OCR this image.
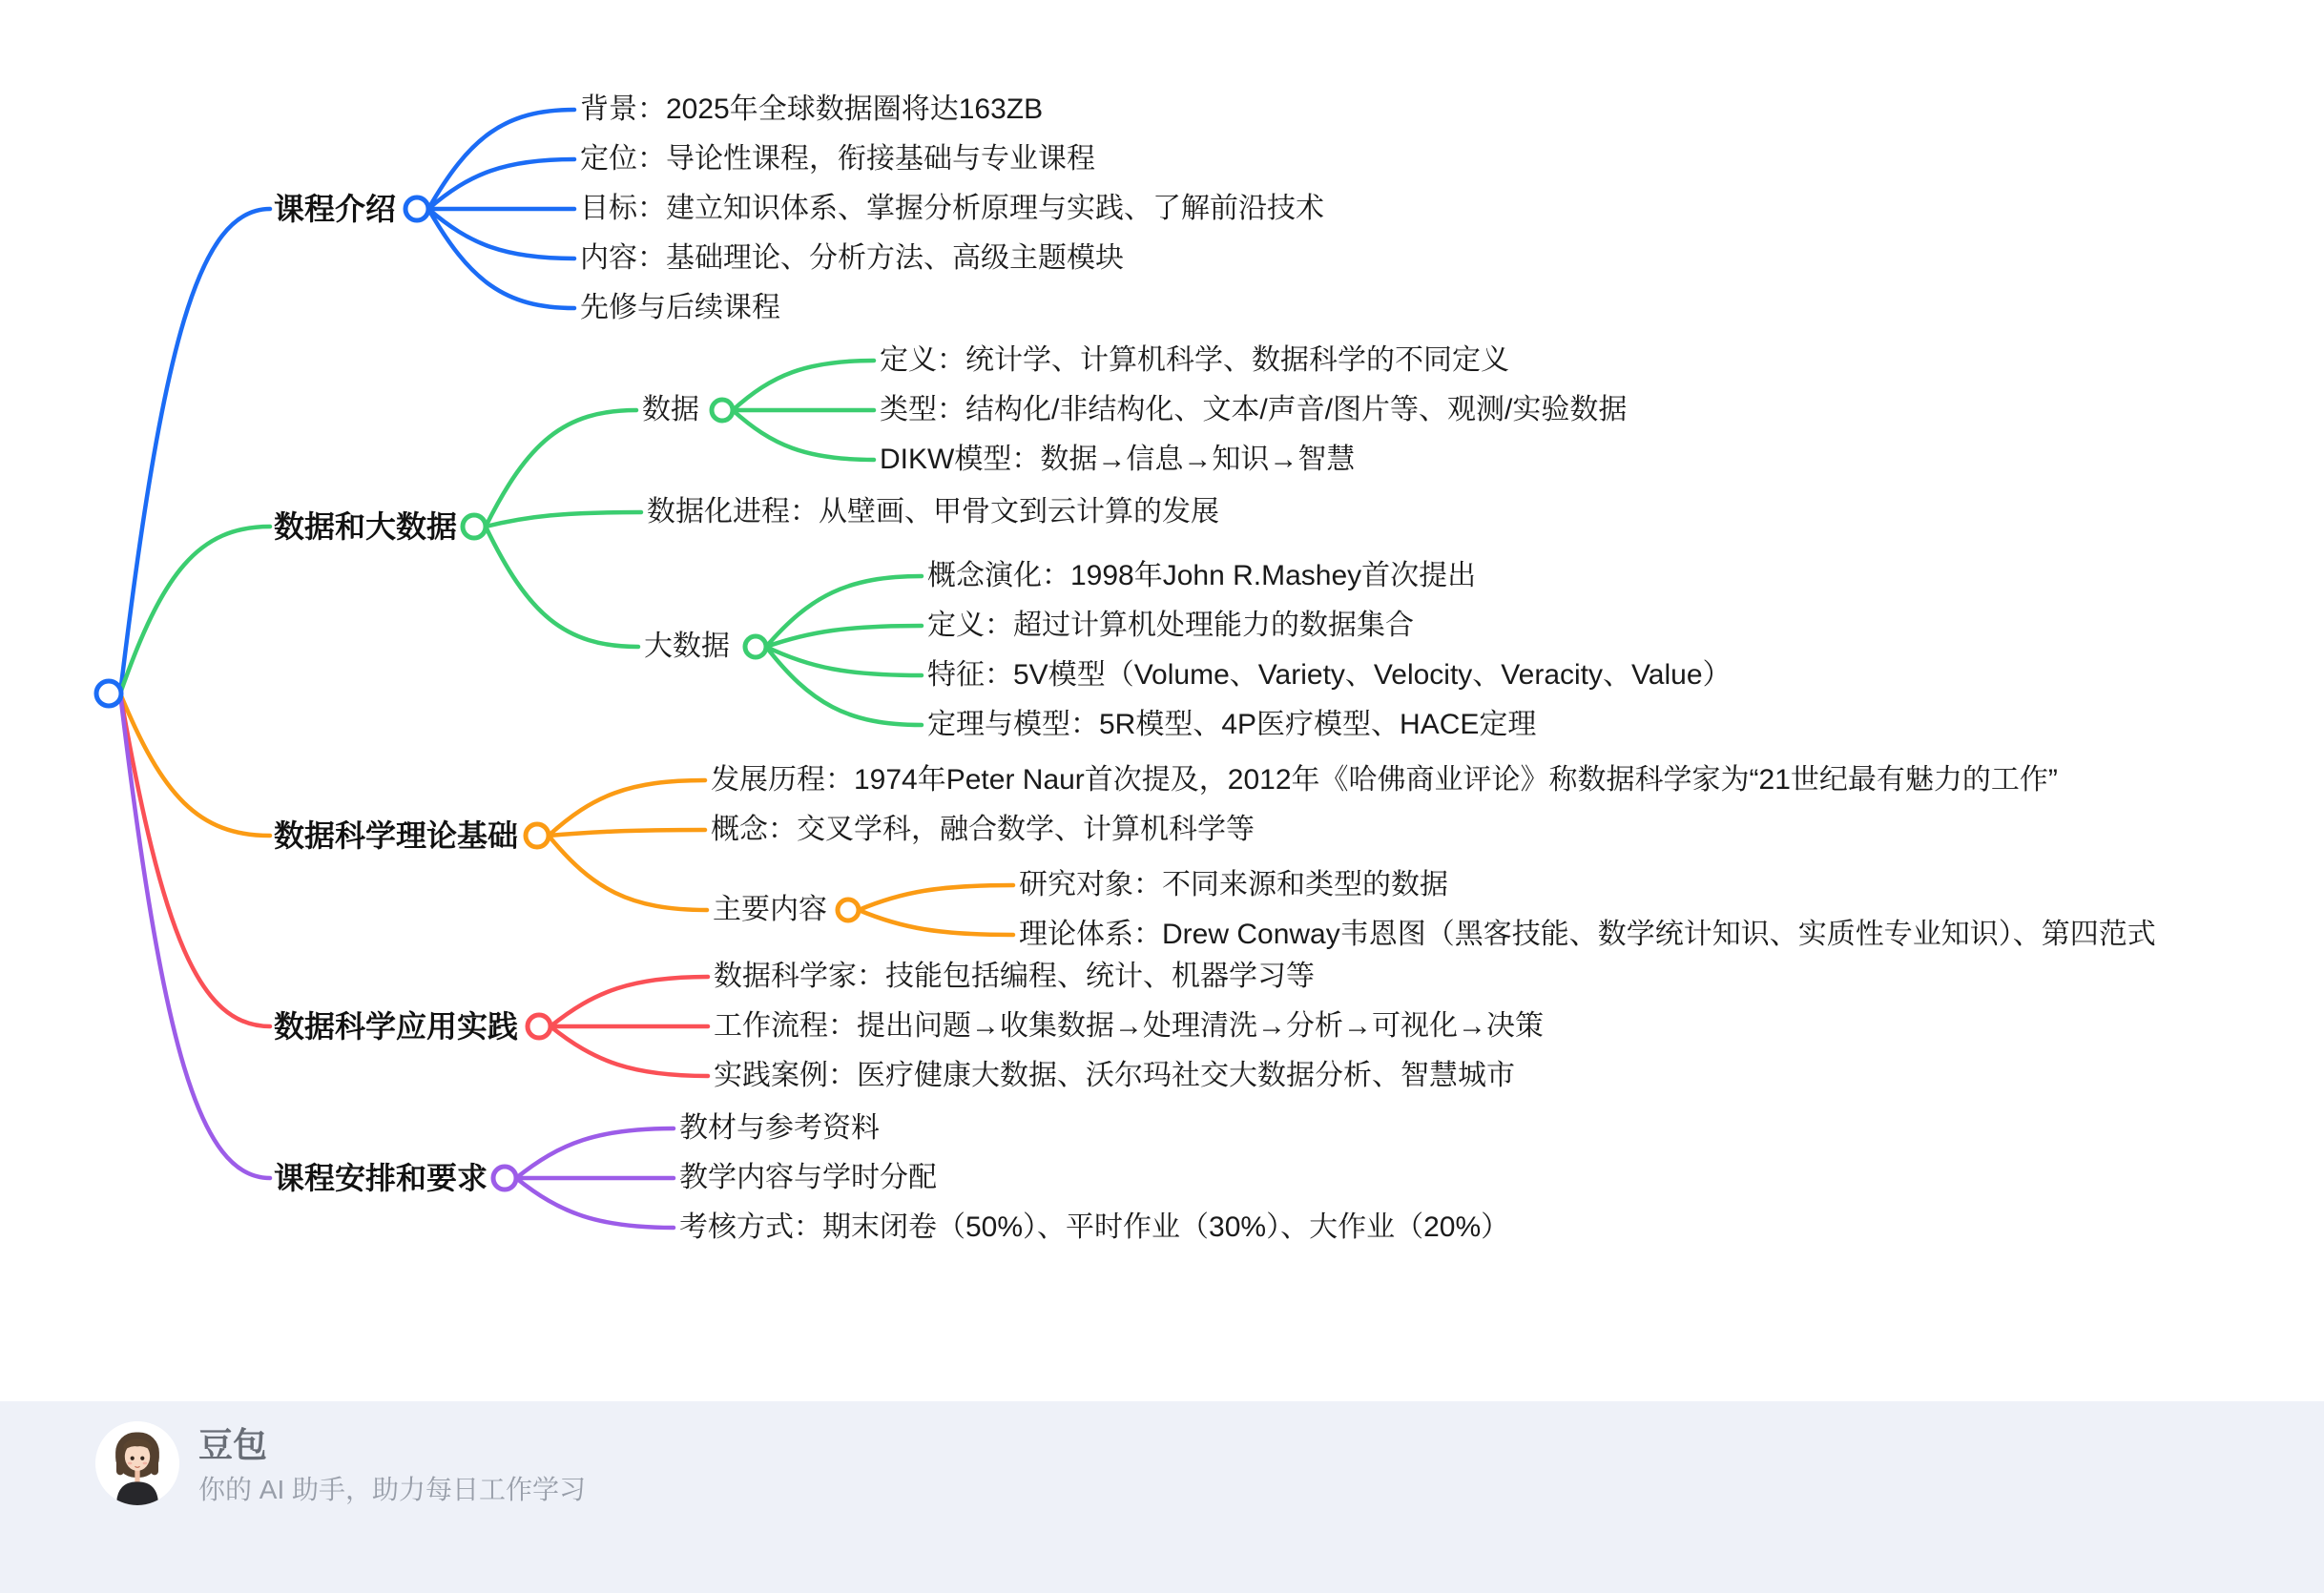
课程介绍
背景：2025年全球数据圈将达163ZB
定位：导论性课程，衔接基础与专业课程
目标：建立知识体系、掌握分析原理与实践、了解前沿技术
内容：基础理论、分析方法、高级主题模块
先修与后续课程
数据和大数据
数据
定义：统计学、计算机科学、数据科学的不同定义
类型：结构化/非结构化、文本/声音/图片等、观测/实验数据
DIKW模型：数据→信息→知识→智慧
数据化进程：从壁画、甲骨文到云计算的发展
大数据
概念演化：1998年John R.Mashey首次提出
定义：超过计算机处理能力的数据集合
特征：5V模型（Volume、Variety、Velocity、Veracity、Value）
定理与模型：5R模型、4P医疗模型、HACE定理
数据科学理论基础
发展历程：1974年Peter Naur首次提及，2012年《哈佛商业评论》称数据科学家为“21世纪最有魅力的工作”
概念：交叉学科，融合数学、计算机科学等
主要内容
研究对象：不同来源和类型的数据
理论体系：Drew Conway韦恩图（黑客技能、数学统计知识、实质性专业知识）、第四范式
数据科学应用实践
数据科学家：技能包括编程、统计、机器学习等
工作流程：提出问题→收集数据→处理清洗→分析→可视化→决策
实践案例：医疗健康大数据、沃尔玛社交大数据分析、智慧城市
课程安排和要求
教材与参考资料
教学内容与学时分配
考核方式：期末闭卷（50%）、平时作业（30%）、大作业（20%）
豆包
你的 AI 助手，助力每日工作学习
